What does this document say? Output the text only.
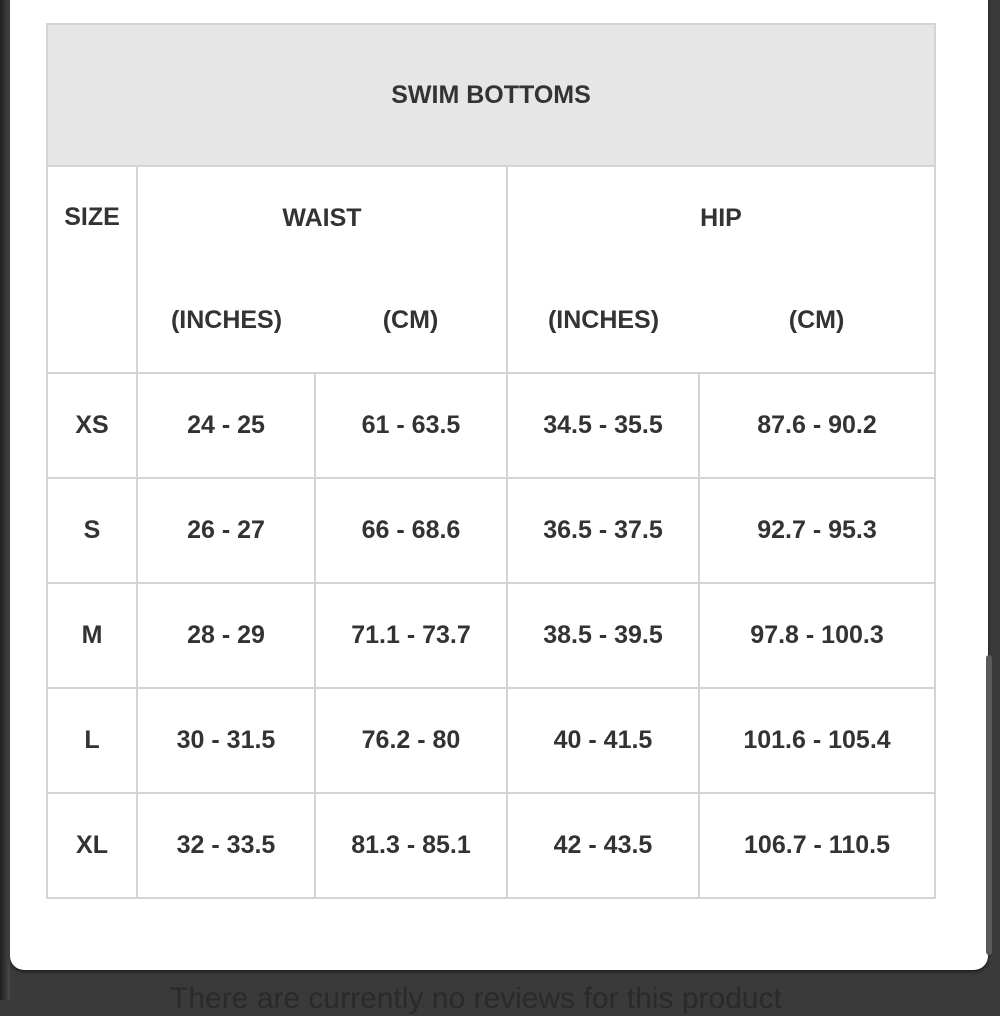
There are currently no reviews for this product
SWIM BOTTOMS				
SIZE	WAIST		HIP	
	(INCHES)	(CM)	(INCHES)	(CM)
XS	24 - 25	61 - 63.5	34.5 - 35.5	87.6 - 90.2
S	26 - 27	66 - 68.6	36.5 - 37.5	92.7 - 95.3
M	28 - 29	71.1 - 73.7	38.5 - 39.5	97.8 - 100.3
L	30 - 31.5	76.2 - 80	40 - 41.5	101.6 - 105.4
XL	32 - 33.5	81.3 - 85.1	42 - 43.5	106.7 - 110.5
